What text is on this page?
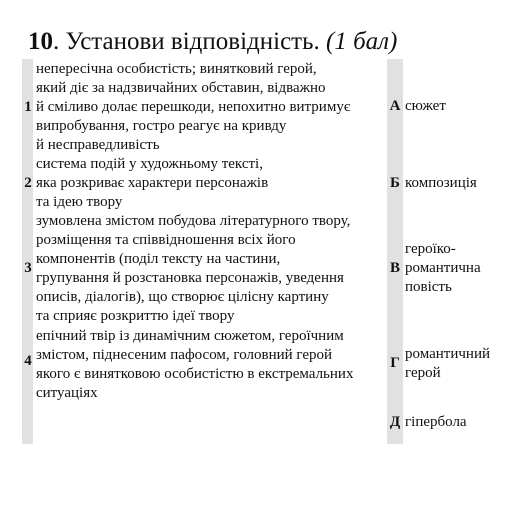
10. Установи відповідність. (1 бал)
1
непересічна особистість; винятковий герой,
який діє за надзвичайних обставин, відважно
й сміливо долає перешкоди, непохитно витримує
випробування, гостро реагує на кривду
й несправедливість
2
система подій у художньому тексті,
яка розкриває характери персонажів
та ідею твору
3
зумовлена змістом побудова літературного твору,
розміщення та співвідношення всіх його
компонентів (поділ тексту на частини,
групування й розстановка персонажів, уведення
описів, діалогів), що створює цілісну картину
та сприяє розкриттю ідеї твору
4
епічний твір із динамічним сюжетом, героїчним
змістом, піднесеним пафосом, головний герой
якого є винятковою особистістю в екстремальних
ситуаціях
А сюжет
Б композиція
В
героїко-
романтична
повість
Г
романтичний
герой
Д гіпербола
